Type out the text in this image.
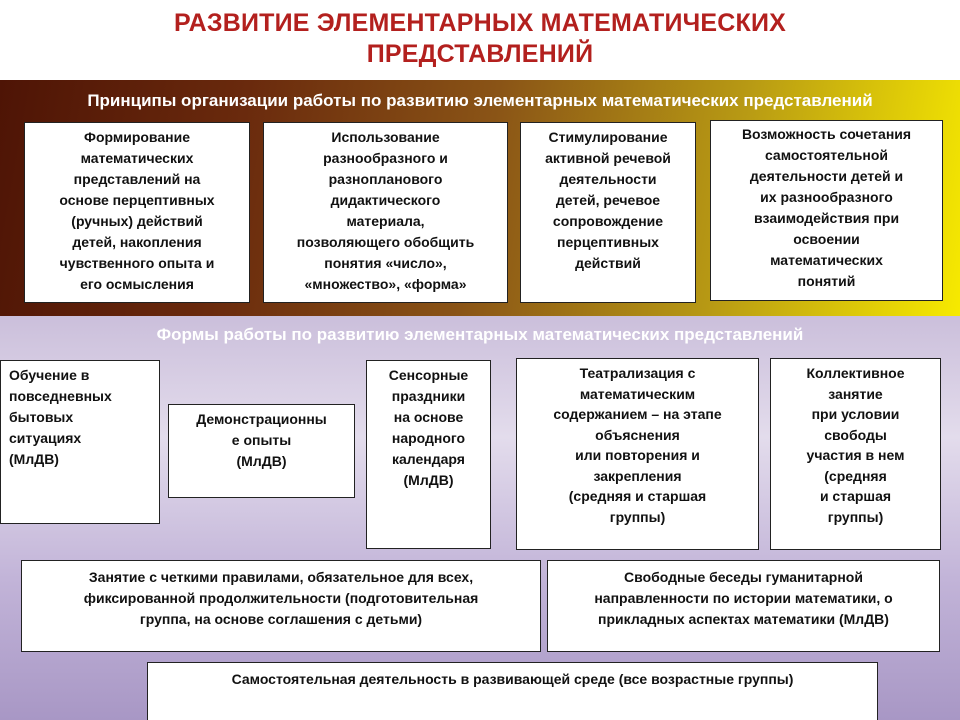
РАЗВИТИЕ ЭЛЕМЕНТАРНЫХ МАТЕМАТИЧЕСКИХ
ПРЕДСТАВЛЕНИЙ
Принципы организации работы по развитию элементарных математических представлений
Формирование
математических
представлений на
основе перцептивных
(ручных) действий
детей, накопления
чувственного опыта и
его осмысления
Использование
разнообразного и
разнопланового
дидактического
материала,
позволяющего обобщить
понятия «число»,
«множество», «форма»
Стимулирование
активной речевой
деятельности
детей, речевое
сопровождение
перцептивных
действий
Возможность сочетания
самостоятельной
деятельности детей и
их разнообразного
взаимодействия при
освоении
математических
понятий
Формы работы по развитию элементарных математических представлений
Обучение в
повседневных
бытовых
ситуациях
(МлДВ)
Демонстрационны
е опыты
(МлДВ)
Сенсорные
праздники
на основе
народного
календаря
(МлДВ)
Театрализация с
математическим
содержанием – на этапе
объяснения
или повторения и
закрепления
(средняя и старшая
группы)
Коллективное
занятие
при условии
свободы
участия в нем
(средняя
и старшая
группы)
Занятие с четкими правилами, обязательное для всех,
фиксированной продолжительности (подготовительная
группа, на основе соглашения с детьми)
Свободные беседы гуманитарной
направленности по истории математики, о
прикладных аспектах математики (МлДВ)
Самостоятельная деятельность в развивающей среде (все возрастные группы)
